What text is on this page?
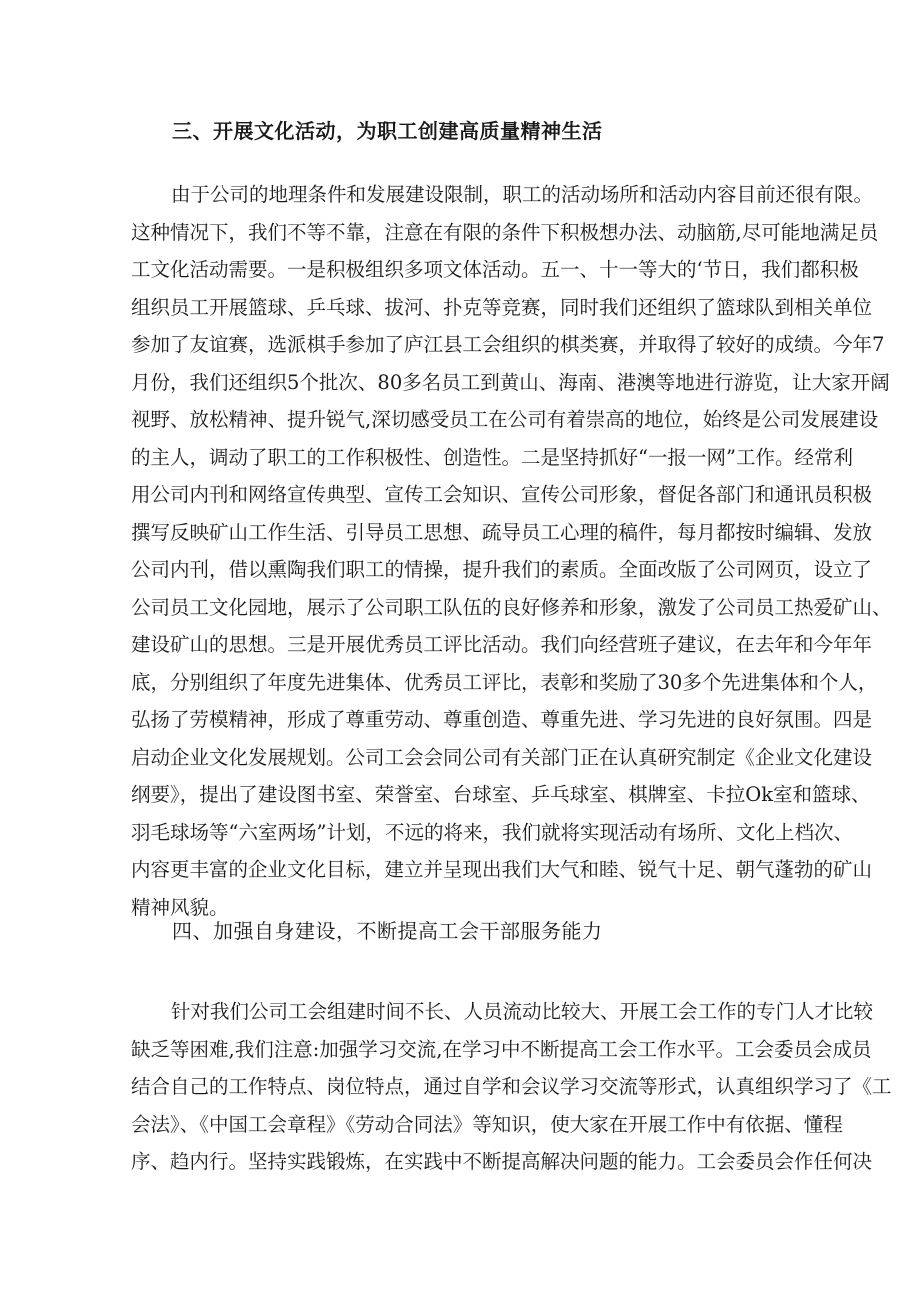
三、开展文化活动，为职工创建高质量精神生活
由于公司的地理条件和发展建设限制，职工的活动场所和活动内容目前还很有限。
这种情况下，我们不等不靠，注意在有限的条件下积极想办法、动脑筋,尽可能地满足员
工文化活动需要。一是积极组织多项文体活动。五一、十一等大的‘节日，我们都积极
组织员工开展篮球、乒乓球、拔河、扑克等竞赛，同时我们还组织了篮球队到相关单位
参加了友谊赛，选派棋手参加了庐江县工会组织的棋类赛，并取得了较好的成绩。今年7
月份，我们还组织5个批次、80多名员工到黄山、海南、港澳等地进行游览，让大家开阔
视野、放松精神、提升锐气,深切感受员工在公司有着崇高的地位，始终是公司发展建设
的主人，调动了职工的工作积极性、创造性。二是坚持抓好“一报一网”工作。经常利
用公司内刊和网络宣传典型、宣传工会知识、宣传公司形象，督促各部门和通讯员积极
撰写反映矿山工作生活、引导员工思想、疏导员工心理的稿件，每月都按时编辑、发放
公司内刊，借以熏陶我们职工的情操，提升我们的素质。全面改版了公司网页，设立了
公司员工文化园地，展示了公司职工队伍的良好修养和形象，激发了公司员工热爱矿山、
建设矿山的思想。三是开展优秀员工评比活动。我们向经营班子建议，在去年和今年年
底，分别组织了年度先进集体、优秀员工评比，表彰和奖励了30多个先进集体和个人，
弘扬了劳模精神，形成了尊重劳动、尊重创造、尊重先进、学习先进的良好氛围。四是
启动企业文化发展规划。公司工会会同公司有关部门正在认真研究制定《企业文化建设
纲要》，提出了建设图书室、荣誉室、台球室、乒乓球室、棋牌室、卡拉Ok室和篮球、
羽毛球场等“六室两场”计划，不远的将来，我们就将实现活动有场所、文化上档次、
内容更丰富的企业文化目标，建立并呈现出我们大气和睦、锐气十足、朝气蓬勃的矿山
精神风貌。
四、加强自身建设，不断提高工会干部服务能力
针对我们公司工会组建时间不长、人员流动比较大、开展工会工作的专门人才比较
缺乏等困难,我们注意:加强学习交流,在学习中不断提高工会工作水平。工会委员会成员
结合自己的工作特点、岗位特点，通过自学和会议学习交流等形式，认真组织学习了《工
会法》、《中国工会章程》《劳动合同法》等知识，使大家在开展工作中有依据、懂程
序、趋内行。坚持实践锻炼，在实践中不断提高解决问题的能力。工会委员会作任何决
